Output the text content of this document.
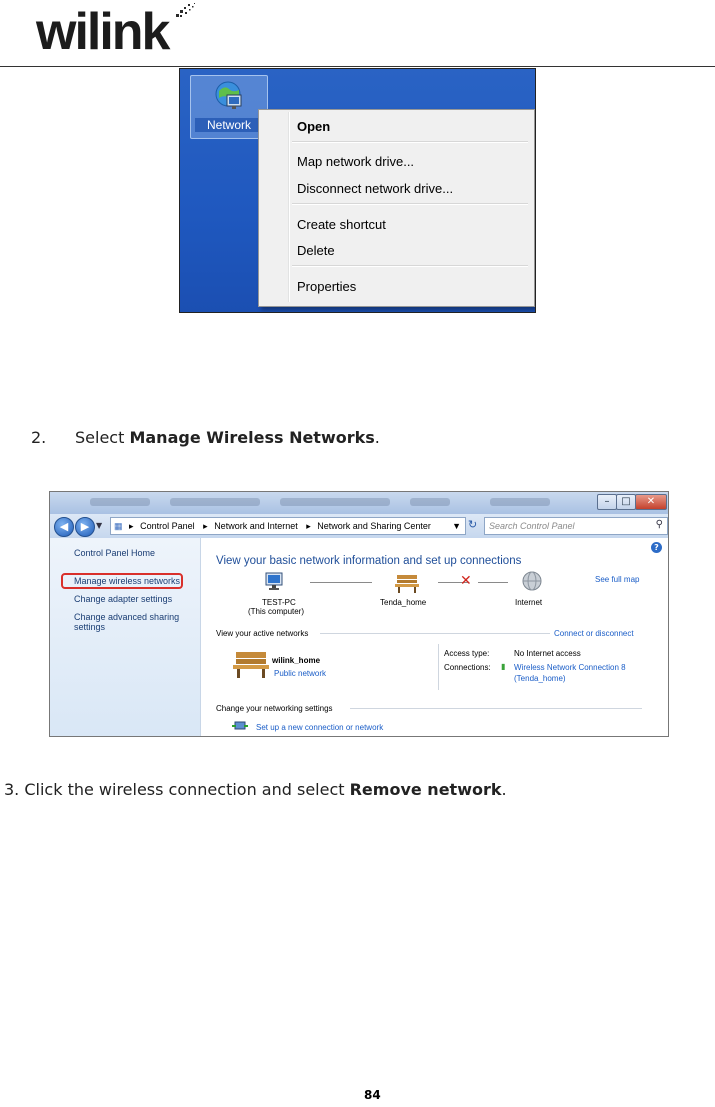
wilink
Network	Open
Map network drive...
Disconnect network drive...
Create shortcut
Delete
Properties
2. Select Manage Wireless Networks.
–	□	✕
◀	▶ ▼	▦ ▸ Control Panel ▸ Network and Internet ▸ Network and Sharing Center ▼ ↻	Search Control Panel	⚲
Control Panel Home
Manage wireless networks
Change adapter settings
Change advanced sharing
settings
?
View your basic network information and set up connections
See full map
TEST-PC
(This computer)
Tenda_home
✕
Internet
View your active networks	Connect or disconnect
wilink_home
Public network
Access type:	No Internet access
Connections: ▮ Wireless Network Connection 8
(Tenda_home)
Change your networking settings
Set up a new connection or network
3. Click the wireless connection and select Remove network.
84
